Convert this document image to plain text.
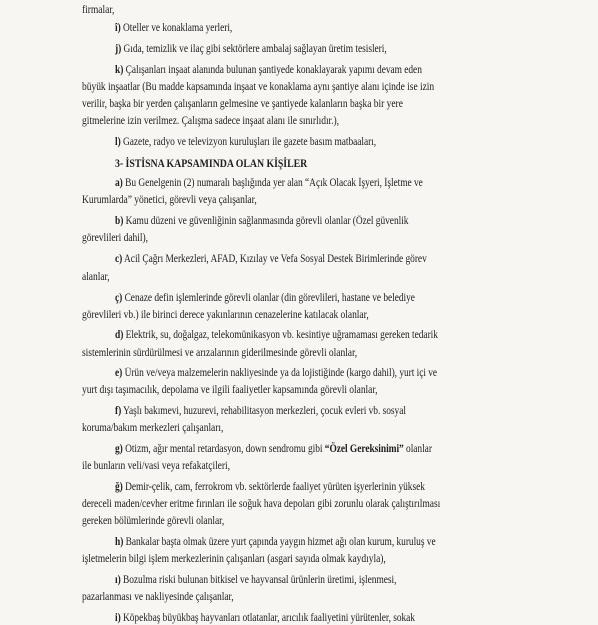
firmalar,
î) Oteller ve konaklama yerleri,
j) Gıda, temizlik ve ilaç gibi sektörlere ambalaj sağlayan üretim tesisleri,
k) Çalışanları inşaat alanında bulunan şantiyede konaklayarak yapımı devam eden
büyük inşaatlar (Bu madde kapsamında inşaat ve konaklama aynı şantiye alanı içinde ise izin
verilir, başka bir yerden çalışanların gelmesine ve şantiyede kalanların başka bir yere
gitmelerine izin verilmez. Çalışma sadece inşaat alanı ile sınırlıdır.),
l) Gazete, radyo ve televizyon kuruluşları ile gazete basım matbaaları,
3- İSTİSNA KAPSAMINDA OLAN KİŞİLER
a) Bu Genelgenin (2) numaralı başlığında yer alan “Açık Olacak İşyeri, İşletme ve
Kurumlarda” yönetici, görevli veya çalışanlar,
b) Kamu düzeni ve güvenliğinin sağlanmasında görevli olanlar (Özel güvenlik
görevlileri dahil),
c) Acil Çağrı Merkezleri, AFAD, Kızılay ve Vefa Sosyal Destek Birimlerinde görev
alanlar,
ç) Cenaze defin işlemlerinde görevli olanlar (din görevlileri, hastane ve belediye
görevlileri vb.) ile birinci derece yakınlarının cenazelerine katılacak olanlar,
d) Elektrik, su, doğalgaz, telekomünikasyon vb. kesintiye uğramaması gereken tedarik
sistemlerinin sürdürülmesi ve arızalarının giderilmesinde görevli olanlar,
e) Ürün ve/veya malzemelerin nakliyesinde ya da lojistiğinde (kargo dahil), yurt içi ve
yurt dışı taşımacılık, depolama ve ilgili faaliyetler kapsamında görevli olanlar,
f) Yaşlı bakımevi, huzurevi, rehabilitasyon merkezleri, çocuk evleri vb. sosyal
koruma/bakım merkezleri çalışanları,
g) Otizm, ağır mental retardasyon, down sendromu gibi “Özel Gereksinimi” olanlar
ile bunların veli/vasi veya refakatçileri,
ğ) Demir-çelik, cam, ferrokrom vb. sektörlerde faaliyet yürüten işyerlerinin yüksek
dereceli maden/cevher eritme fırınları ile soğuk hava depoları gibi zorunlu olarak çalıştırılması
gereken bölümlerinde görevli olanlar,
h) Bankalar başta olmak üzere yurt çapında yaygın hizmet ağı olan kurum, kuruluş ve
işletmelerin bilgi işlem merkezlerinin çalışanları (asgari sayıda olmak kaydıyla),
ı) Bozulma riski bulunan bitkisel ve hayvansal ürünlerin üretimi, işlenmesi,
pazarlanması ve nakliyesinde çalışanlar,
i) Köpekbaş büyükbaş hayvanları otlatanlar, arıcılık faaliyetini yürütenler, sokak
